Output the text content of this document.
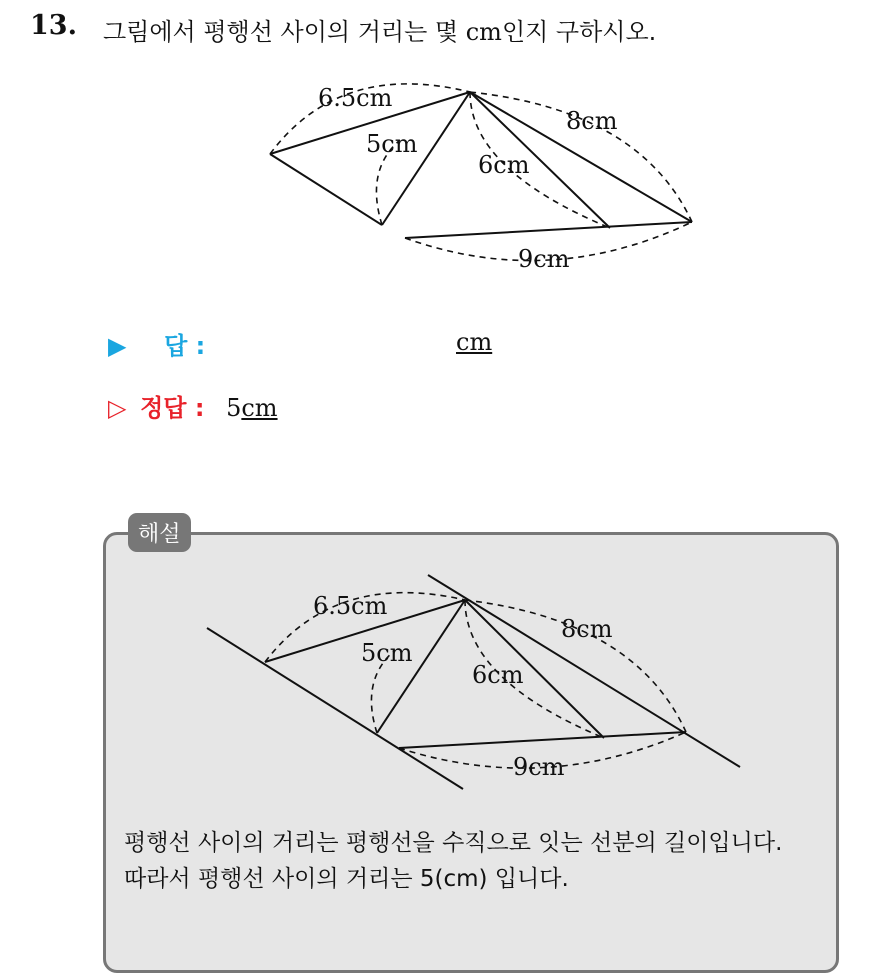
13. 그림에서 평행선 사이의 거리는 몇 cm인지 구하시오.
6.5cm
5cm
6cm
8cm
9cm
▶ 답 :	cm
▷ 정답 : 5cm
해설
6.5cm
5cm
6cm
8cm
9cm
평행선 사이의 거리는 평행선을 수직으로 잇는 선분의 길이입니다.
따라서 평행선 사이의 거리는 5(cm) 입니다.
